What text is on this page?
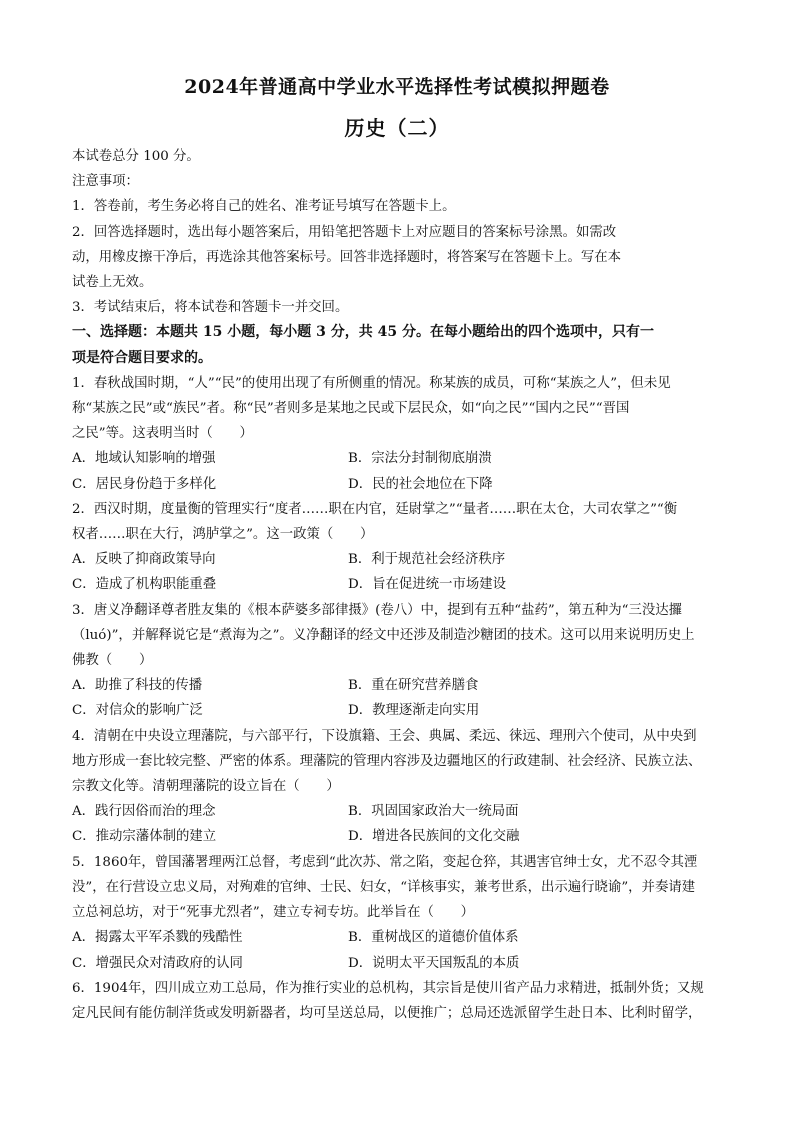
2024年普通高中学业水平选择性考试模拟押题卷
历史（二）
本试卷总分 100 分。
注意事项：
1．答卷前，考生务必将自己的姓名、准考证号填写在答题卡上。
2．回答选择题时，选出每小题答案后，用铅笔把答题卡上对应题目的答案标号涂黑。如需改
动，用橡皮擦干净后，再选涂其他答案标号。回答非选择题时，将答案写在答题卡上。写在本
试卷上无效。
3．考试结束后，将本试卷和答题卡一并交回。
一、选择题：本题共 15 小题，每小题 3 分，共 45 分。在每小题给出的四个选项中，只有一
项是符合题目要求的。
1．春秋战国时期，“人”“民”的使用出现了有所侧重的情况。称某族的成员，可称“某族之人”，但未见
称“某族之民”或“族民”者。称“民”者则多是某地之民或下层民众，如“向之民”“国内之民”“晋国
之民”等。这表明当时（　　）
A．地域认知影响的增强	B．宗法分封制彻底崩溃
C．居民身份趋于多样化	D．民的社会地位在下降
2．西汉时期，度量衡的管理实行“度者……职在内官，廷尉掌之”“量者……职在太仓，大司农掌之”“衡
权者……职在大行，鸿胪掌之”。这一政策（　　）
A．反映了抑商政策导向	B．利于规范社会经济秩序
C．造成了机构职能重叠	D．旨在促进统一市场建设
3．唐义净翻译尊者胜友集的《根本萨婆多部律摄》(卷八）中，提到有五种“盐药”，第五种为“三没达攞
（luó)”，并解释说它是“煮海为之”。义净翻译的经文中还涉及制造沙糖团的技术。这可以用来说明历史上
佛教（　　）
A．助推了科技的传播	B．重在研究营养膳食
C．对信众的影响广泛	D．教理逐渐走向实用
4．清朝在中央设立理藩院，与六部平行，下设旗籍、王会、典属、柔远、徕远、理刑六个使司，从中央到
地方形成一套比较完整、严密的体系。理藩院的管理内容涉及边疆地区的行政建制、社会经济、民族立法、
宗教文化等。清朝理藩院的设立旨在（　　）
A．践行因俗而治的理念	B．巩固国家政治大一统局面
C．推动宗藩体制的建立	D．增进各民族间的文化交融
5．1860年，曾国藩署理两江总督，考虑到“此次苏、常之陷，变起仓猝，其遇害官绅士女，尤不忍令其湮
没”，在行营设立忠义局，对殉难的官绅、士民、妇女，“详核事实，兼考世系，出示遍行晓谕”，并奏请建
立总祠总坊，对于“死事尤烈者”，建立专祠专坊。此举旨在（　　）
A．揭露太平军杀戮的残酷性	B．重树战区的道德价值体系
C．增强民众对清政府的认同	D．说明太平天国叛乱的本质
6．1904年，四川成立劝工总局，作为推行实业的总机构，其宗旨是使川省产品力求精进，抵制外货；又规
定凡民间有能仿制洋货或发明新器者，均可呈送总局，以便推广；总局还选派留学生赴日本、比利时留学，
